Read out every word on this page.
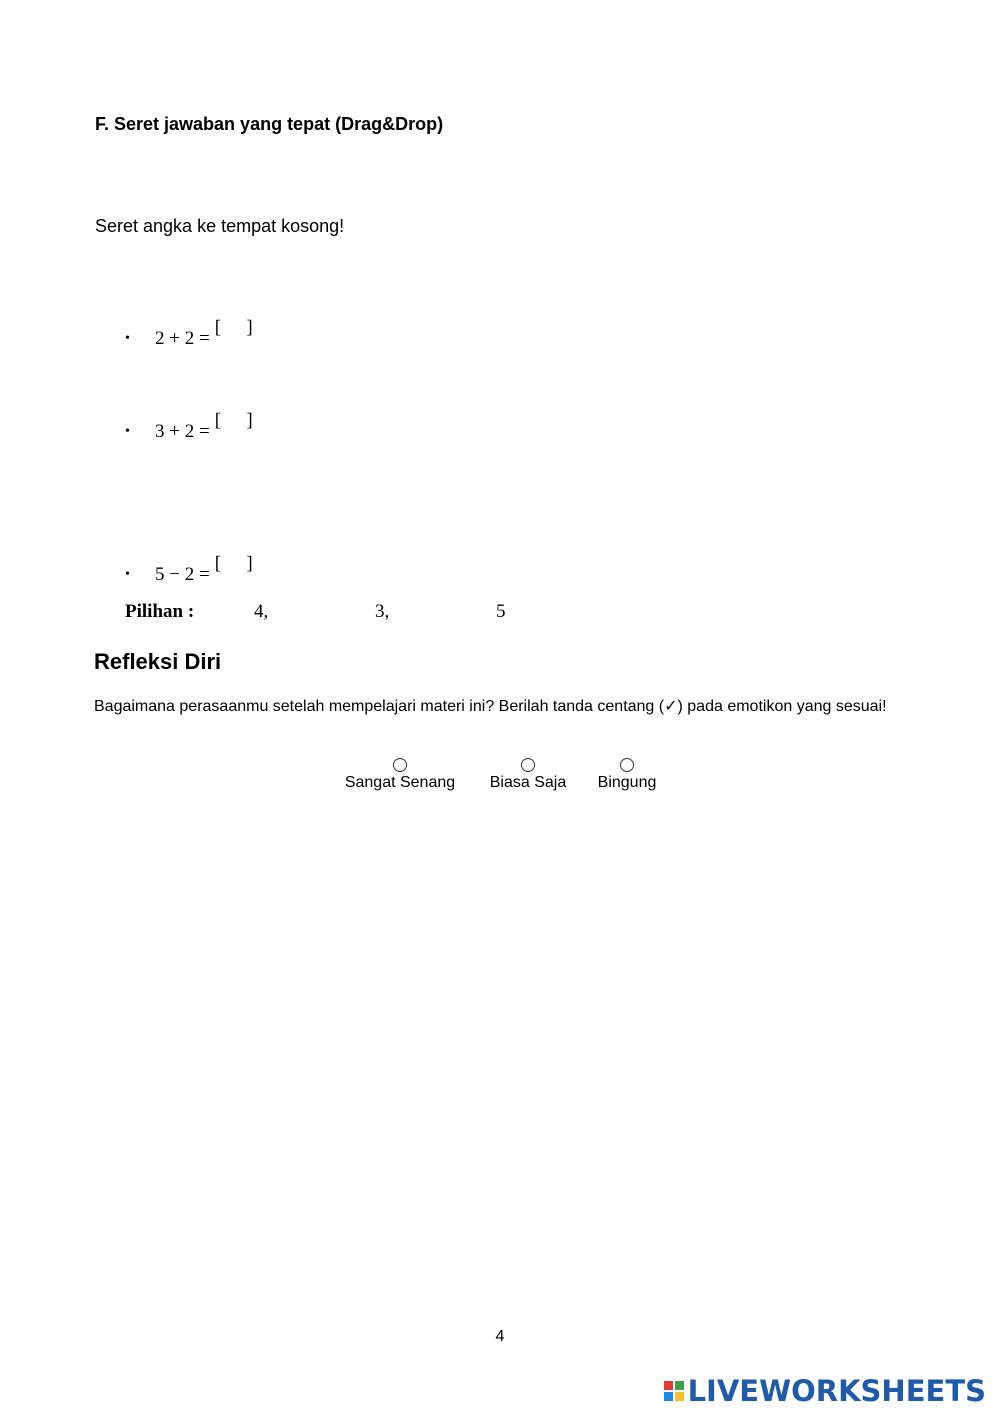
F. Seret jawaban yang tepat (Drag&Drop)
Seret angka ke tempat kosong!
•	2 + 2 =
[ ]
•	3 + 2 =
[ ]
•	5 − 2 =
[ ]
Pilihan :	4,	3,	5
Refleksi Diri
Bagaimana perasaanmu setelah mempelajari materi ini? Berilah tanda centang (✓) pada emotikon yang sesuai!
Sangat Senang	Biasa Saja	Bingung
4
LIVEWORKSHEETS
